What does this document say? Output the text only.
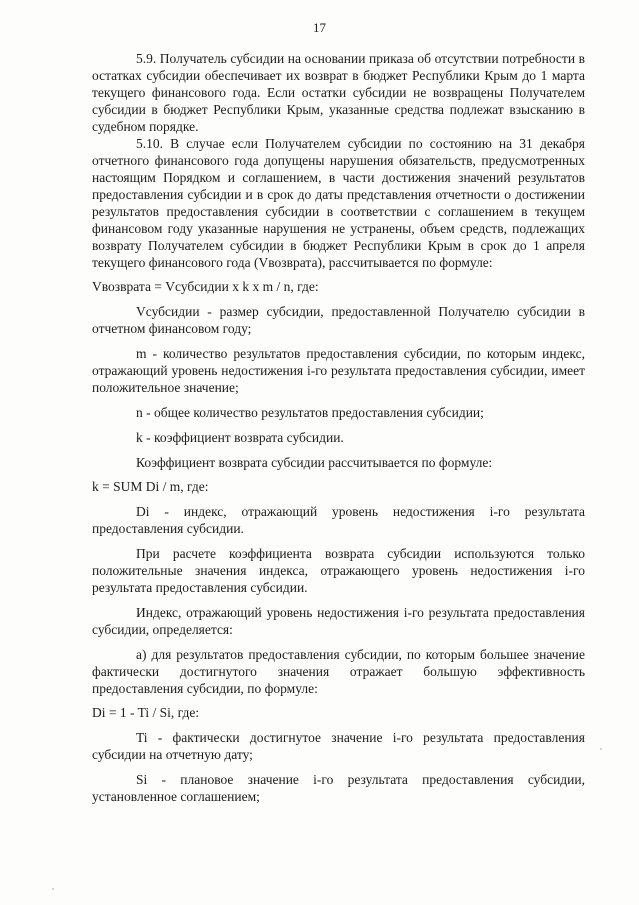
17

5.9. Получатель субсидии на основании приказа об отсутствии потребности в остатках субсидии обеспечивает их возврат в бюджет Республики Крым до 1 марта текущего финансового года. Если остатки субсидии не возвращены Получателем субсидии в бюджет Республики Крым, указанные средства подлежат взысканию в судебном порядке.

5.10. В случае если Получателем субсидии по состоянию на 31 декабря отчетного финансового года допущены нарушения обязательств, предусмотренных настоящим Порядком и соглашением, в части достижения значений результатов предоставления субсидии и в срок до даты представления отчетности о достижении результатов предоставления субсидии в соответствии с соглашением в текущем финансовом году указанные нарушения не устранены, объем средств, подлежащих возврату Получателем субсидии в бюджет Республики Крым в срок до 1 апреля текущего финансового года (Vвозврата), рассчитывается по формуле:

Vвозврата = Vсубсидии x k x m / n, где:

Vсубсидии - размер субсидии, предоставленной Получателю субсидии в отчетном финансовом году;

m - количество результатов предоставления субсидии, по которым индекс, отражающий уровень недостижения i-го результата предоставления субсидии, имеет положительное значение;

n - общее количество результатов предоставления субсидии;

k - коэффициент возврата субсидии.

Коэффициент возврата субсидии рассчитывается по формуле:

k = SUM Di / m, где:

Di - индекс, отражающий уровень недостижения i-го результата предоставления субсидии.

При расчете коэффициента возврата субсидии используются только положительные значения индекса, отражающего уровень недостижения i-го результата предоставления субсидии.

Индекс, отражающий уровень недостижения i-го результата предоставления субсидии, определяется:

а) для результатов предоставления субсидии, по которым большее значение фактически достигнутого значения отражает большую эффективность предоставления субсидии, по формуле:

Di = 1 - Ti / Si, где:

Ti - фактически достигнутое значение i-го результата предоставления субсидии на отчетную дату;

Si - плановое значение i-го результата предоставления субсидии, установленное соглашением;
